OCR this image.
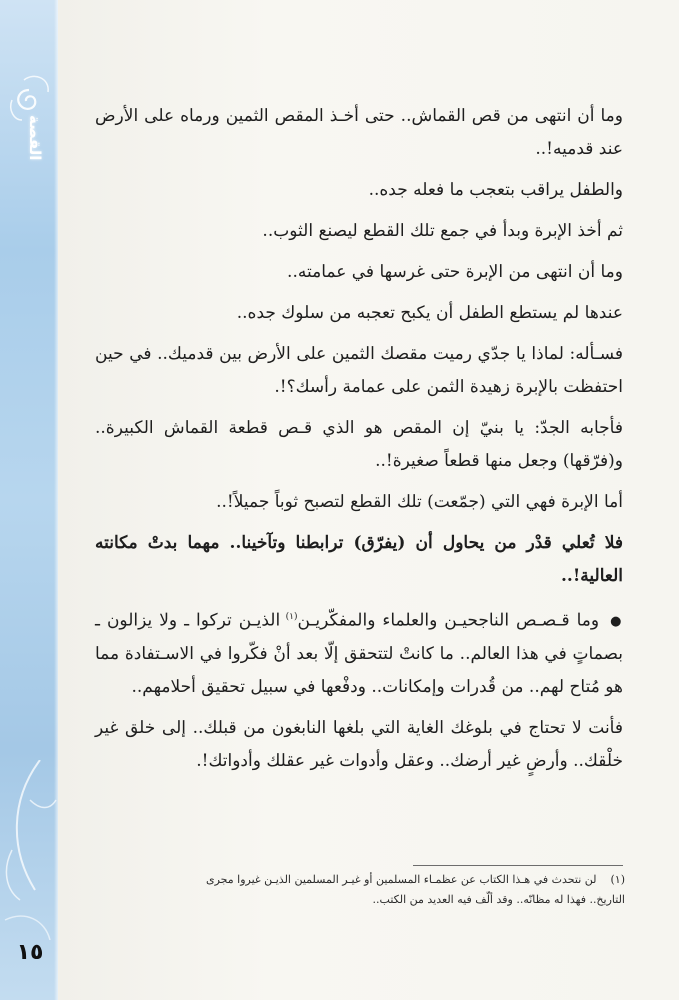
القصة	وما أن انتهى من قص القماش.. حتى أخـذ المقص الثمين ورماه على الأرض عند قدميه!..

والطفل يراقب بتعجب ما فعله جده..

ثم أخذ الإبرة وبدأ في جمع تلك القطع ليصنع الثوب..

وما أن انتهى من الإبرة حتى غرسها في عمامته..

عندها لم يستطع الطفل أن يكبح تعجبه من سلوك جده..

فسـأله: لماذا يا جدّي رميت مقصك الثمين على الأرض بين قدميك.. في حين احتفظت بالإبرة زهيدة الثمن على عمامة رأسك؟!.

فأجابه الجدّ: يا بنيّ إن المقص هو الذي قـص قطعة القماش الكبيرة.. و(فرّقها) وجعل منها قطعاً صغيرة!..

أما الإبرة فهي التي (جمّعت) تلك القطع لتصبح ثوباً جميلاً!..

فلا تُعلي قدْر من يحاول أن (يفرّق) ترابطنا وتآخينا.. مهما بدتْ مكانته العالية!..

● وما قـصـص الناجحيـن والعلماء والمفكّريـن$^{(١)}$ الذيـن تركوا ـ ولا يزالون ـ بصماتٍ في هذا العالم.. ما كانتْ لتتحقق إلّا بعد أنْ فكّروا في الاسـتفادة مما هو مُتاح لهم.. من قُدرات وإمكانات.. ودفْعها في سبيل تحقيق أحلامهم..

فأنت لا تحتاج في بلوغك الغاية التي بلغها النابغون من قبلك.. إلى خلق غير خلْقك.. وأرضٍ غير أرضك.. وعقل وأدوات غير عقلك وأدواتك!.

(١)لن نتحدث في هـذا الكتاب عن عظمـاء المسلمين أو غيـر المسلمين الذيـن غيروا مجرى
التاريخ.. فهذا له مظانّه.. وقد ألّف فيه العديد من الكتب..
١٥
